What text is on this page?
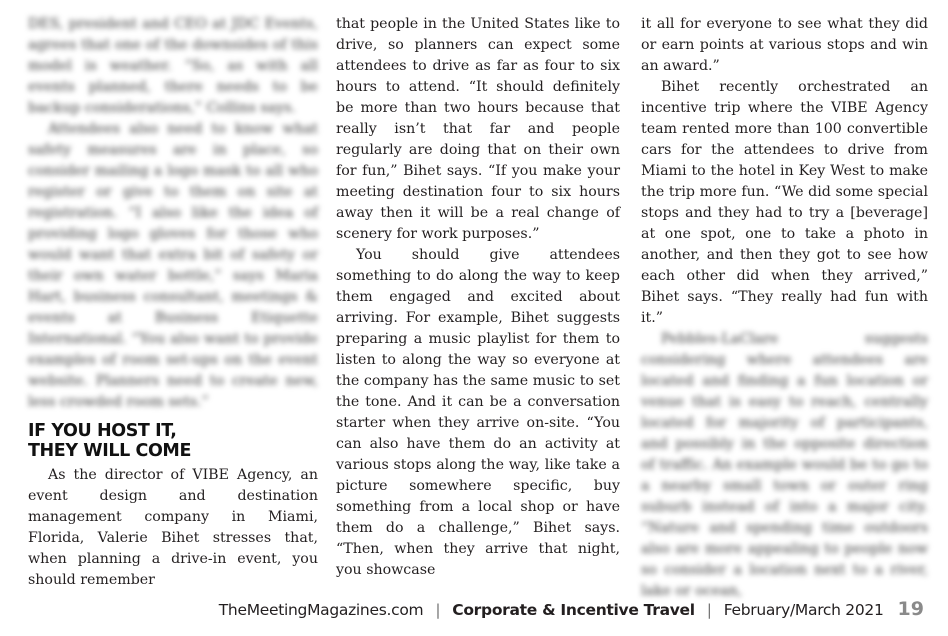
DES, president and CEO at JDC Events, agrees that one of the downsides of this model is weather. “So, as with all events planned, there needs to be backup considerations,” Collins says.

Attendees also need to know what safety measures are in place, so consider mailing a logo mask to all who register or give to them on site at registration. “I also like the idea of providing logo gloves for those who would want that extra bit of safety or their own water bottle,” says Maria Hart, business consultant, meetings & events at Business Etiquette International. “You also want to provide examples of room set-ups on the event website. Planners need to create new, less crowded room sets.”

IF YOU HOST IT,
THEY WILL COME

As the director of VIBE Agency, an event design and destination management company in Miami, Florida, Valerie Bihet stresses that, when planning a drive-in event, you should remember

that people in the United States like to drive, so planners can expect some attendees to drive as far as four to six hours to attend. “It should definitely be more than two hours because that really isn’t that far and people regularly are doing that on their own for fun,” Bihet says. “If you make your meeting destination four to six hours away then it will be a real change of scenery for work purposes.”

You should give attendees something to do along the way to keep them engaged and excited about arriving. For example, Bihet suggests preparing a music playlist for them to listen to along the way so everyone at the company has the same music to set the tone. And it can be a conversation starter when they arrive on-site. “You can also have them do an activity at various stops along the way, like take a picture somewhere specific, buy something from a local shop or have them do a challenge,” Bihet says. “Then, when they arrive that night, you showcase

it all for everyone to see what they did or earn points at various stops and win an award.”

Bihet recently orchestrated an incentive trip where the VIBE Agency team rented more than 100 convertible cars for the attendees to drive from Miami to the hotel in Key West to make the trip more fun. “We did some special stops and they had to try a [beverage] at one spot, one to take a photo in another, and then they got to see how each other did when they arrived,” Bihet says. “They really had fun with it.”

Pebbles-LaClare suggests considering where attendees are located and finding a fun location or venue that is easy to reach, centrally located for majority of participants, and possibly in the opposite direction of traffic. An example would be to go to a nearby small town or outer ring suburb instead of into a major city. “Nature and spending time outdoors also are more appealing to people now so consider a location next to a river, lake or ocean,

TheMeetingMagazines.com | Corporate & Incentive Travel | February/March 2021 19
